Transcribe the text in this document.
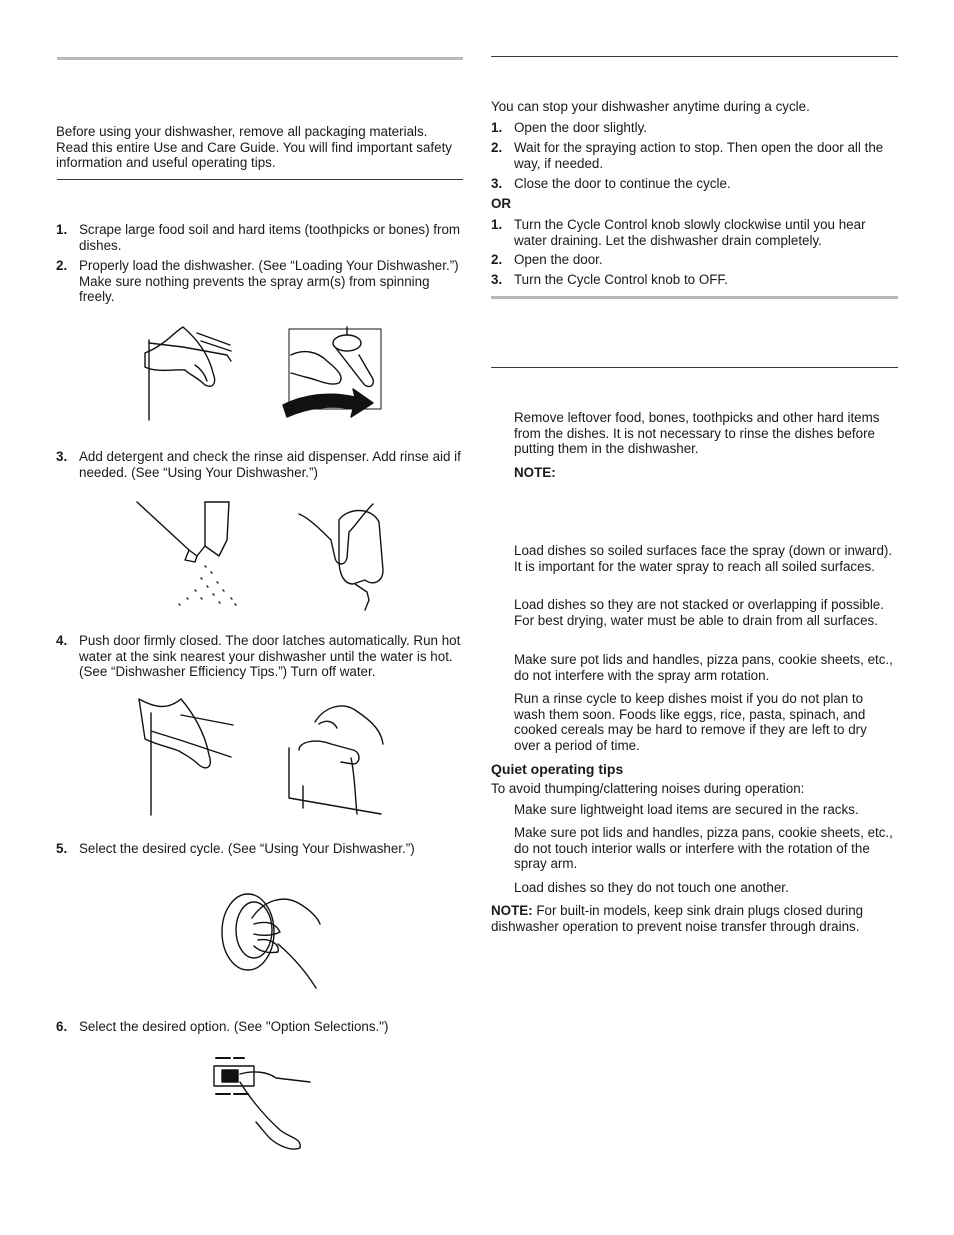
Before using your dishwasher, remove all packaging materials. Read this entire Use and Care Guide. You will find important safety information and useful operating tips.

1. Scrape large food soil and hard items (toothpicks or bones) from dishes.
2. Properly load the dishwasher. (See “Loading Your Dishwasher.”) Make sure nothing prevents the spray arm(s) from spinning freely.
3. Add detergent and check the rinse aid dispenser. Add rinse aid if needed. (See “Using Your Dishwasher.”)
4. Push door firmly closed. The door latches automatically. Run hot water at the sink nearest your dishwasher until the water is hot. (See “Dishwasher Efficiency Tips.”) Turn off water.
5. Select the desired cycle. (See “Using Your Dishwasher.”)
6. Select the desired option. (See "Option Selections.")
You can stop your dishwasher anytime during a cycle.
1. Open the door slightly.
2. Wait for the spraying action to stop. Then open the door all the way, if needed.
3. Close the door to continue the cycle.
OR
1. Turn the Cycle Control knob slowly clockwise until you hear water draining. Let the dishwasher drain completely.
2. Open the door.
3. Turn the Cycle Control knob to OFF.
Remove leftover food, bones, toothpicks and other hard items from the dishes. It is not necessary to rinse the dishes before putting them in the dishwasher.
NOTE:
Load dishes so soiled surfaces face the spray (down or inward). It is important for the water spray to reach all soiled surfaces.
Load dishes so they are not stacked or overlapping if possible. For best drying, water must be able to drain from all surfaces.
Make sure pot lids and handles, pizza pans, cookie sheets, etc., do not interfere with the spray arm rotation.
Run a rinse cycle to keep dishes moist if you do not plan to wash them soon. Foods like eggs, rice, pasta, spinach, and cooked cereals may be hard to remove if they are left to dry over a period of time.
Quiet operating tips
To avoid thumping/clattering noises during operation:
Make sure lightweight load items are secured in the racks.
Make sure pot lids and handles, pizza pans, cookie sheets, etc., do not touch interior walls or interfere with the rotation of the spray arm.
Load dishes so they do not touch one another.

NOTE: For built-in models, keep sink drain plugs closed during dishwasher operation to prevent noise transfer through drains.
